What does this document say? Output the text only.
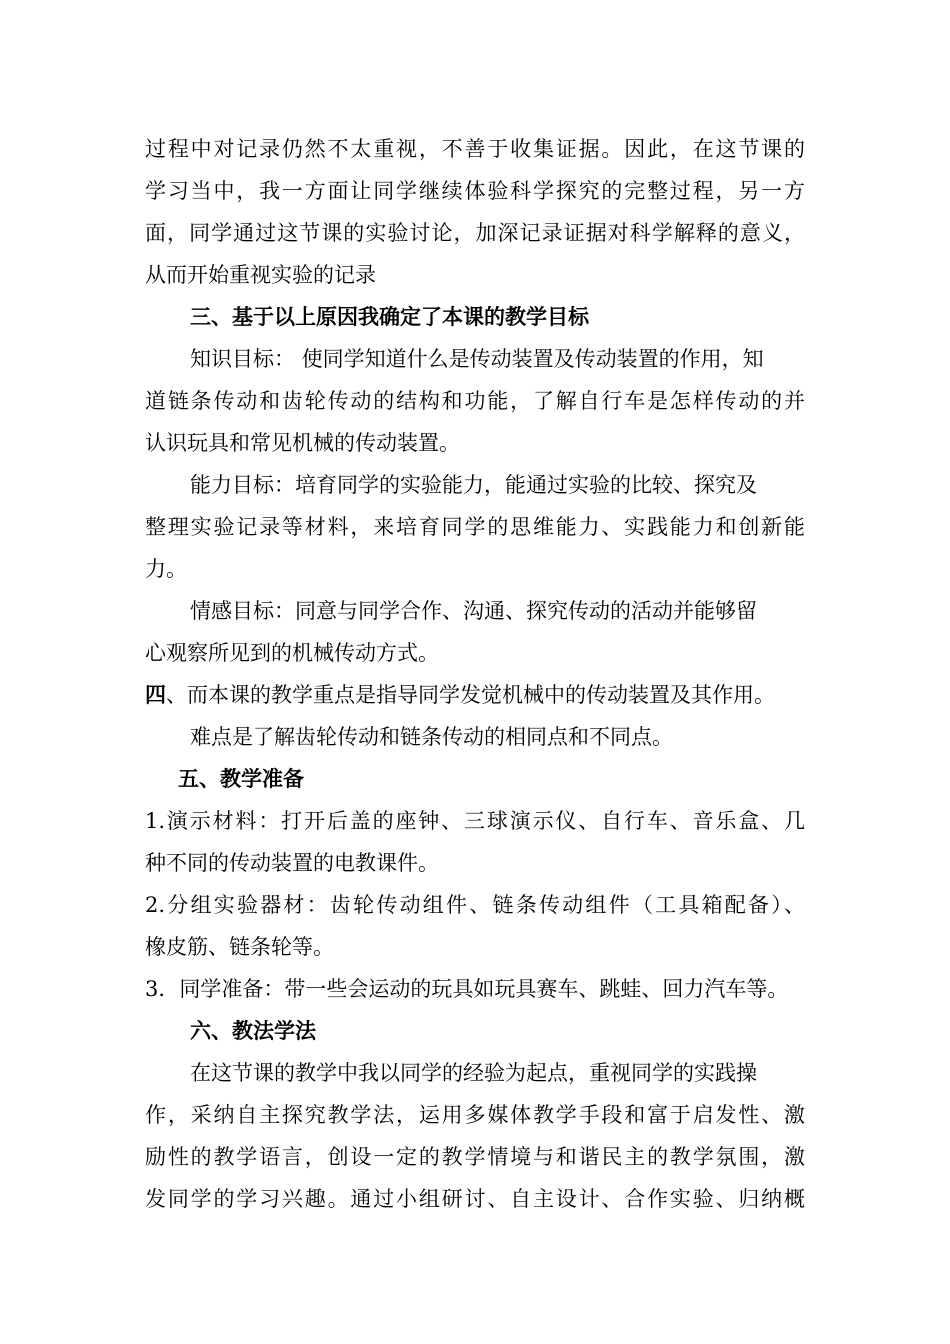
过程中对记录仍然不太重视，不善于收集证据。因此，在这节课的
学习当中，我一方面让同学继续体验科学探究的完整过程，另一方
面，同学通过这节课的实验讨论，加深记录证据对科学解释的意义，
从而开始重视实验的记录
三、基于以上原因我确定了本课的教学目标
知识目标： 使同学知道什么是传动装置及传动装置的作用，知
道链条传动和齿轮传动的结构和功能，了解自行车是怎样传动的并
认识玩具和常见机械的传动装置。
能力目标：培育同学的实验能力，能通过实验的比较、探究及
整理实验记录等材料，来培育同学的思维能力、实践能力和创新能
力。
情感目标：同意与同学合作、沟通、探究传动的活动并能够留
心观察所见到的机械传动方式。
四、而本课的教学重点是指导同学发觉机械中的传动装置及其作用。
难点是了解齿轮传动和链条传动的相同点和不同点。
五、教学准备
1.演示材料：打开后盖的座钟、三球演示仪、自行车、音乐盒、几
种不同的传动装置的电教课件。
2.分组实验器材：齿轮传动组件、链条传动组件（工具箱配备）、
橡皮筋、链条轮等。
3．同学准备：带一些会运动的玩具如玩具赛车、跳蛙、回力汽车等。
六、教法学法
在这节课的教学中我以同学的经验为起点，重视同学的实践操
作，采纳自主探究教学法，运用多媒体教学手段和富于启发性、激
励性的教学语言，创设一定的教学情境与和谐民主的教学氛围，激
发同学的学习兴趣。通过小组研讨、自主设计、合作实验、归纳概
